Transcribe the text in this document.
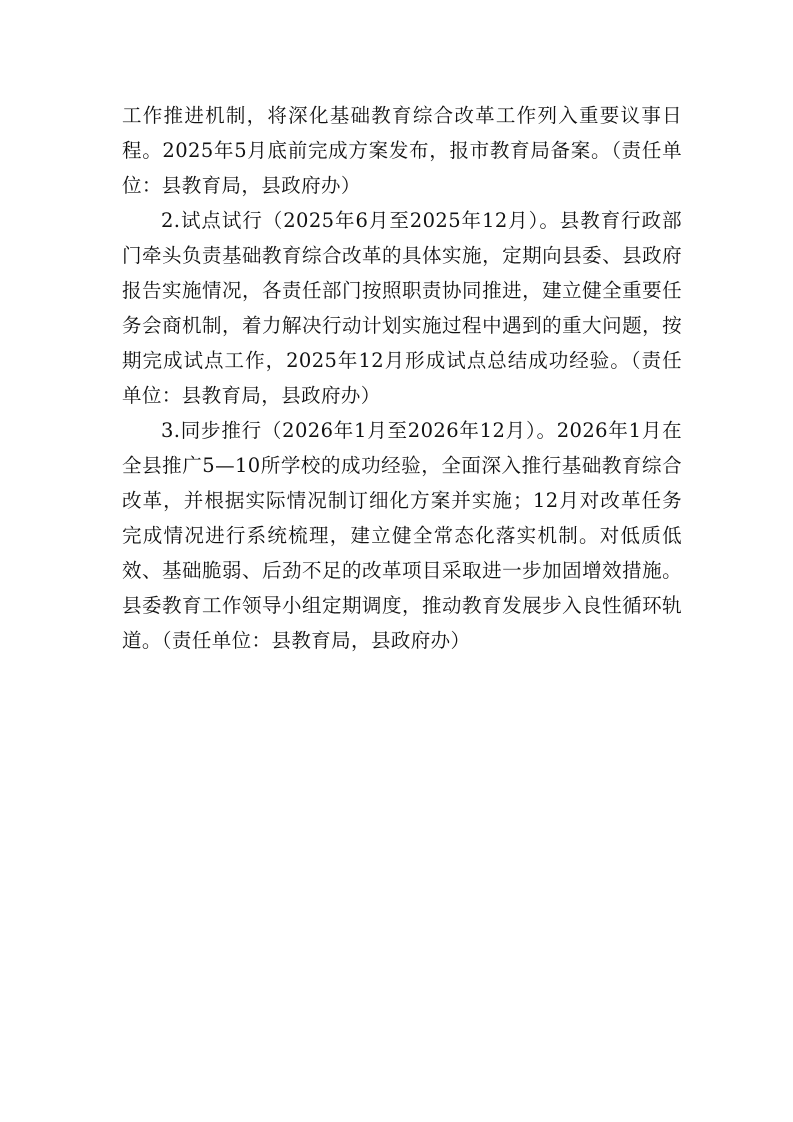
工作推进机制，将深化基础教育综合改革工作列入重要议事日程。2025年5月底前完成方案发布，报市教育局备案。（责任单位：县教育局，县政府办）

2.试点试行（2025年6月至2025年12月）。县教育行政部门牵头负责基础教育综合改革的具体实施，定期向县委、县政府报告实施情况，各责任部门按照职责协同推进，建立健全重要任务会商机制，着力解决行动计划实施过程中遇到的重大问题，按期完成试点工作，2025年12月形成试点总结成功经验。（责任单位：县教育局，县政府办）

3.同步推行（2026年1月至2026年12月）。2026年1月在全县推广5—10所学校的成功经验，全面深入推行基础教育综合改革，并根据实际情况制订细化方案并实施；12月对改革任务完成情况进行系统梳理，建立健全常态化落实机制。对低质低效、基础脆弱、后劲不足的改革项目采取进一步加固增效措施。县委教育工作领导小组定期调度，推动教育发展步入良性循环轨道。（责任单位：县教育局，县政府办）
